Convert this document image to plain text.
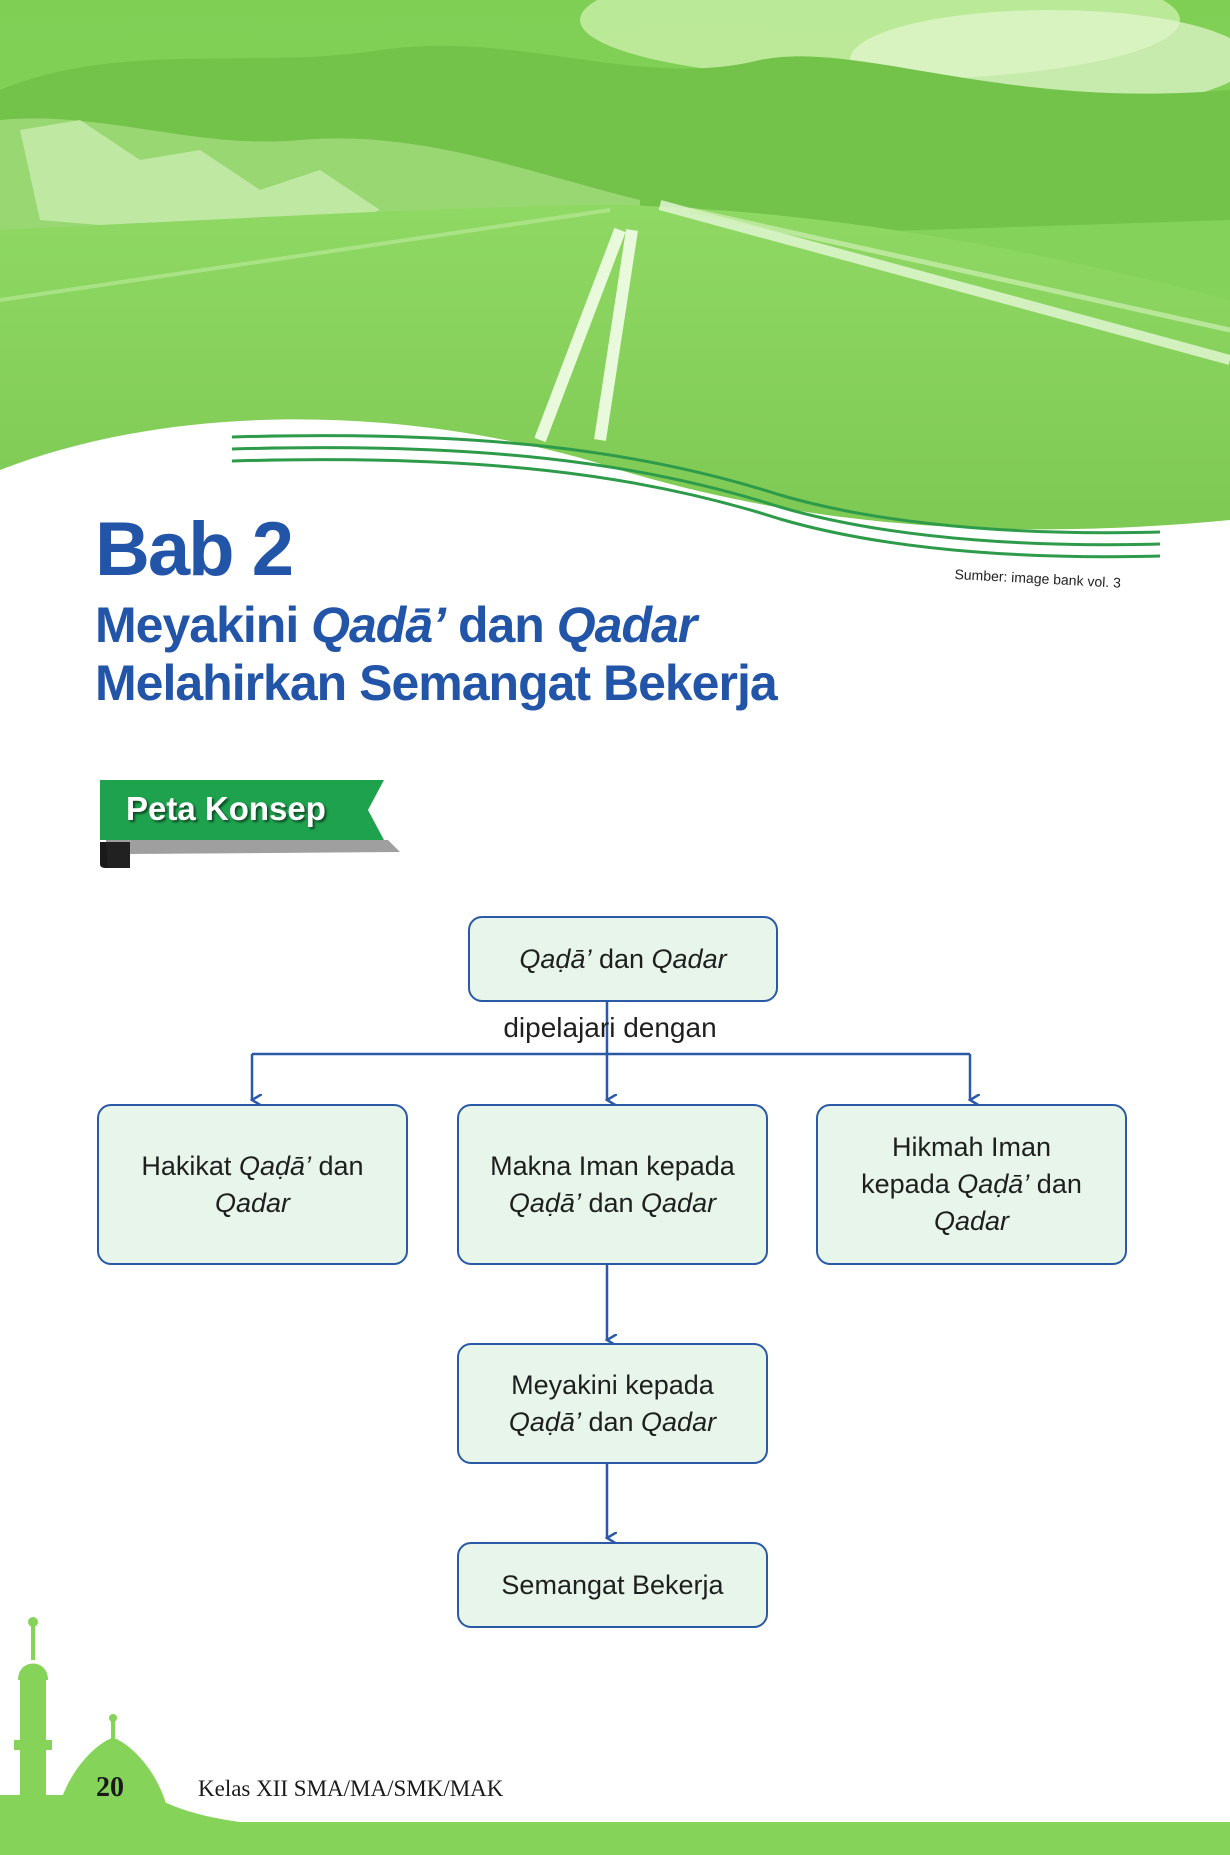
Sumber: image bank vol. 3
Bab 2
Meyakini Qadā’ dan Qadar
Melahirkan Semangat Bekerja
Peta Konsep
dipelajari dengan
Qaḍā’ dan Qadar
Hakikat Qaḍā’ dan
Qadar
Makna Iman kepada
Qaḍā’ dan Qadar
Hikmah Iman
kepada Qaḍā’ dan
Qadar
Meyakini kepada
Qaḍā’ dan Qadar
Semangat Bekerja
20	Kelas XII SMA/MA/SMK/MAK
